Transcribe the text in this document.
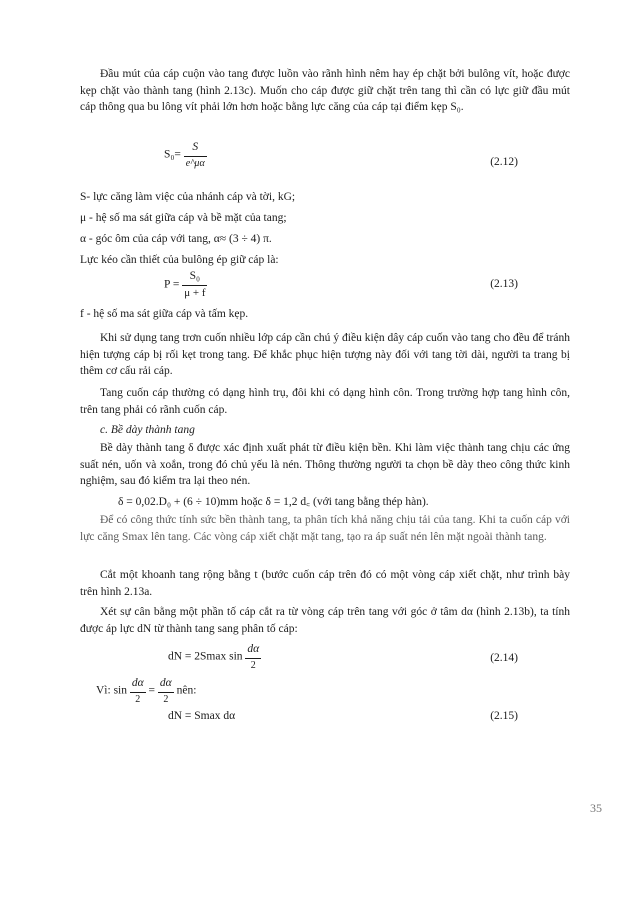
Đầu mút của cáp cuộn vào tang được luồn vào rãnh hình nêm hay ép chặt bởi bulông vít, hoặc được kẹp chặt vào thành tang (hình 2.13c). Muốn cho cáp được giữ chặt trên tang thì cần có lực giữ đầu mút cáp thông qua bu lông vít phải lớn hơn hoặc bằng lực căng của cáp tại điểm kẹp S₀.

$S_0= \frac{S}{e\^{}\mu\alpha}$	(2.12)

S- lực căng làm việc của nhánh cáp và tời, kG;

μ - hệ số ma sát giữa cáp và bề mặt của tang;

α - góc ôm của cáp với tang, α≈ (3 ÷ 4) π.

Lực kéo cần thiết của bulông ép giữ cáp là:

$P = \frac{\text{S₀}}{\mu + f}$	(2.13)

f - hệ số ma sát giữa cáp và tấm kẹp.

Khi sử dụng tang trơn cuốn nhiều lớp cáp cần chú ý điều kiện dây cáp cuốn vào tang cho đều để tránh hiện tượng cáp bị rối kẹt trong tang. Để khắc phục hiện tượng này đối với tang tời dài, người ta trang bị thêm cơ cấu rải cáp.

Tang cuốn cáp thường có dạng hình trụ, đôi khi có dạng hình côn. Trong trường hợp tang hình côn, trên tang phải có rãnh cuốn cáp.

c. Bề dày thành tang

Bề dày thành tang δ được xác định xuất phát từ điều kiện bền. Khi làm việc thành tang chịu các ứng suất nén, uốn và xoắn, trong đó chủ yếu là nén. Thông thường người ta chọn bề dày theo công thức kinh nghiệm, sau đó kiểm tra lại theo nén.

δ = 0,02.D₀ + (6 ÷ 10)mm hoặc δ = 1,2 d꜀ (với tang bằng thép hàn).

Để có công thức tính sức bền thành tang, ta phân tích khả năng chịu tải của tang. Khi ta cuốn cáp với lực căng Smax lên tang. Các vòng cáp xiết chặt mặt tang, tạo ra áp suất nén lên mặt ngoài thành tang.

Cắt một khoanh tang rộng bằng t (bước cuốn cáp trên đó có một vòng cáp xiết chặt, như trình bày trên hình 2.13a.

Xét sự cân bằng một phần tố cáp cắt ra từ vòng cáp trên tang với góc ở tâm dα (hình 2.13b), ta tính được áp lực dN từ thành tang sang phân tố cáp:

dN = 2Smax $\sin \frac{d\alpha}{2}$	(2.14)
Vì: $\sin \frac{d\alpha}{2} = \frac{d\alpha}{2}$ nên:

dN = Smax dα	(2.15)
35
